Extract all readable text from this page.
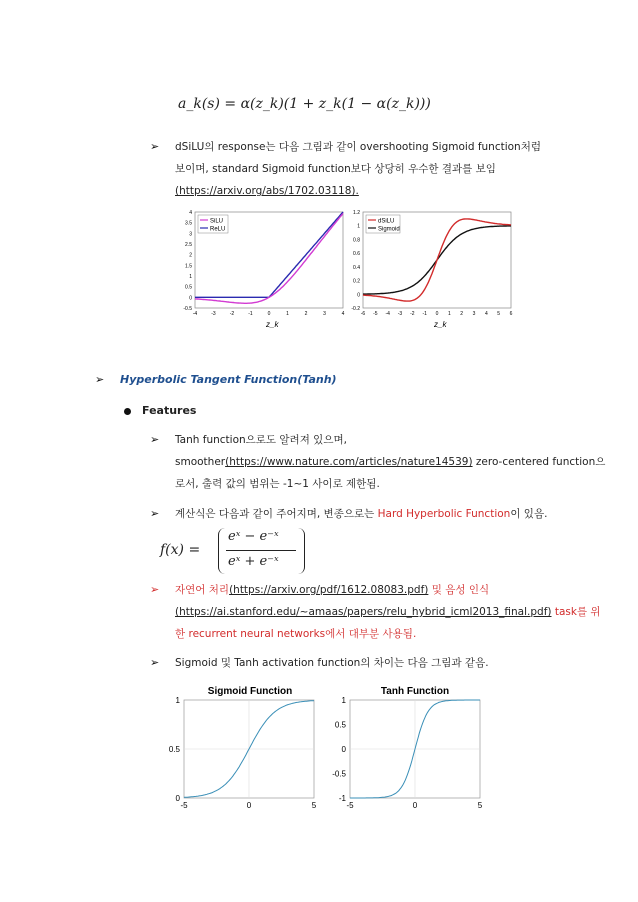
a_k(s) = α(z_k)(1 + z_k(1 − α(z_k)))
➢ dSiLU의 response는 다음 그림과 같이 overshooting Sigmoid function처럼
보이며, standard Sigmoid function보다 상당히 우수한 결과를 보임
(https://arxiv.org/abs/1702.03118).
4
3.5
3
2.5
2
1.5
1
0.5
0
-0.5
-4	-3	-2	-1	0	1	2	3	4
SiLU
ReLU
z_k
1.2
1
0.8
0.6
0.4
0.2
0
-0.2
-6 -5 -4 -3 -2 -1 0 1 2 3 4 5 6
dSiLU
Sigmoid
z_k
➢ Hyperbolic Tangent Function(Tanh)
Features
➢ Tanh function으로도 알려져 있으며,
smoother(https://www.nature.com/articles/nature14539) zero-centered function으
로서, 출력 값의 범위는 -1~1 사이로 제한됨.
➢ 계산식은 다음과 같이 주어지며, 변종으로는 Hard Hyperbolic Function이 있음.
f(x) =
eˣ − e⁻ˣ
eˣ + e⁻ˣ
➢ 자연어 처리(https://arxiv.org/pdf/1612.08083.pdf) 및 음성 인식
(https://ai.stanford.edu/~amaas/papers/relu_hybrid_icml2013_final.pdf) task를 위
한 recurrent neural networks에서 대부분 사용됨.
➢ Sigmoid 및 Tanh activation function의 차이는 다음 그림과 같음.
Sigmoid Function
1
0.5
0
-5	0	5
Tanh Function
1
0.5
0
-0.5
-1
-5	0	5
